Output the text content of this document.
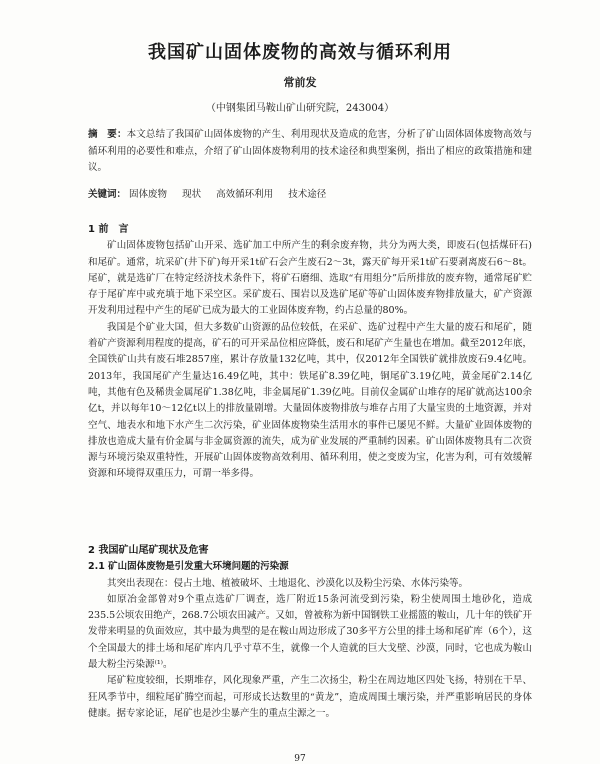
我国矿山固体废物的高效与循环利用
常前发
（中钢集团马鞍山矿山研究院，243004）
摘　要：本文总结了我国矿山固体废物的产生、利用现状及造成的危害，分析了矿山固体固体废物高效与循环利用的必要性和难点，介绍了矿山固体废物利用的技术途径和典型案例，指出了相应的政策措施和建议。
关键词： 固体废物 现状 高效循环利用 技术途径
1 前　言

矿山固体废物包括矿山开采、选矿加工中所产生的剩余废弃物，共分为两大类，即废石(包括煤矸石)和尾矿。通常，坑采矿(井下矿)每开采1t矿石会产生废石2～3t，露天矿每开采1t矿石要剥离废石6～8t。尾矿，就是选矿厂在特定经济技术条件下，将矿石磨细、选取“有用组分”后所排放的废弃物，通常尾矿贮存于尾矿库中或充填于地下采空区。采矿废石、围岩以及选矿尾矿等矿山固体废弃物排放量大，矿产资源开发利用过程中产生的尾矿已成为最大的工业固体废弃物，约占总量的80%。

我国是个矿业大国，但大多数矿山资源的品位较低，在采矿、选矿过程中产生大量的废石和尾矿，随着矿产资源利用程度的提高，矿石的可开采品位相应降低，废石和尾矿产生量也在增加。截至2012年底，全国铁矿山共有废石堆2857座，累计存放量132亿吨，其中，仅2012年全国铁矿就排放废石9.4亿吨。2013年，我国尾矿产生量达16.49亿吨，其中：铁尾矿8.39亿吨，铜尾矿3.19亿吨，黄金尾矿2.14亿吨，其他有色及稀贵金属尾矿1.38亿吨，非金属尾矿1.39亿吨。目前仅金属矿山堆存的尾矿就高达100余亿t，并以每年10～12亿t以上的排放量剧增。大量固体废物排放与堆存占用了大量宝贵的土地资源，并对空气、地表水和地下水产生二次污染，矿业固体废物染生活用水的事件已屡见不鲜。大量矿业固体废物的排放也造成大量有价金属与非金属资源的流失，成为矿业发展的严重制约因素。矿山固体废物具有二次资源与环境污染双重特性，开展矿山固体废物高效利用、循环利用，使之变废为宝，化害为利，可有效缓解资源和环境得双重压力，可谓一举多得。

2 我国矿山尾矿现状及危害
2.1 矿山固体废物是引发重大环境问题的污染源

其突出表现在：侵占土地、植被破坏、土地退化、沙漠化以及粉尘污染、水体污染等。

如原冶金部曾对9个重点选矿厂调查，选厂附近15条河流受到污染，粉尘使周围土地砂化，造成235.5公顷农田绝产，268.7公顷农田减产。又如，曾被称为新中国钢铁工业摇篮的鞍山，几十年的铁矿开发带来明显的负面效应，其中最为典型的是在鞍山周边形成了30多平方公里的排土场和尾矿库（6个），这个全国最大的排土场和尾矿库内几乎寸草不生，就像一个人造就的巨大戈壁、沙漠，同时，它也成为鞍山最大粉尘污染源⁽¹⁾。

尾矿粒度较细，长期堆存，风化现象严重，产生二次扬尘，粉尘在周边地区四处飞扬，特别在干旱、狂风季节中，细粒尾矿腾空而起，可形成长达数里的“黄龙”，造成周围土壤污染，并严重影响居民的身体健康。据专家论证，尾矿也是沙尘暴产生的重点尘源之一。

97
